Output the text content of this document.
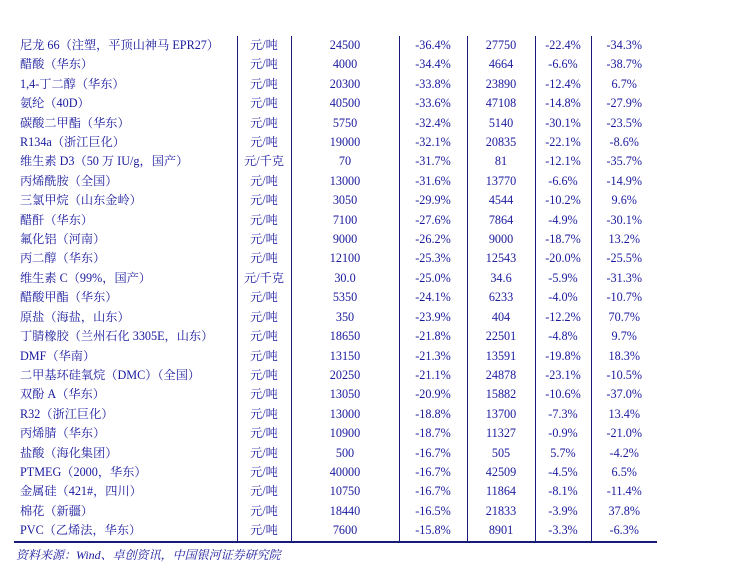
尼龙 66（注塑，平顶山神马 EPR27）	元/吨	24500	-36.4%	27750	-22.4%	-34.3%
醋酸（华东）	元/吨	4000	-34.4%	4664	-6.6%	-38.7%
1,4-丁二醇（华东）	元/吨	20300	-33.8%	23890	-12.4%	6.7%
氨纶（40D）	元/吨	40500	-33.6%	47108	-14.8%	-27.9%
碳酸二甲酯（华东）	元/吨	5750	-32.4%	5140	-30.1%	-23.5%
R134a（浙江巨化）	元/吨	19000	-32.1%	20835	-22.1%	-8.6%
维生素 D3（50 万 IU/g，国产）	元/千克	70	-31.7%	81	-12.1%	-35.7%
丙烯酰胺（全国）	元/吨	13000	-31.6%	13770	-6.6%	-14.9%
三氯甲烷（山东金岭）	元/吨	3050	-29.9%	4544	-10.2%	9.6%
醋酐（华东）	元/吨	7100	-27.6%	7864	-4.9%	-30.1%
氟化铝（河南）	元/吨	9000	-26.2%	9000	-18.7%	13.2%
丙二醇（华东）	元/吨	12100	-25.3%	12543	-20.0%	-25.5%
维生素 C（99%，国产）	元/千克	30.0	-25.0%	34.6	-5.9%	-31.3%
醋酸甲酯（华东）	元/吨	5350	-24.1%	6233	-4.0%	-10.7%
原盐（海盐，山东）	元/吨	350	-23.9%	404	-12.2%	70.7%
丁腈橡胶（兰州石化 3305E，山东）	元/吨	18650	-21.8%	22501	-4.8%	9.7%
DMF（华南）	元/吨	13150	-21.3%	13591	-19.8%	18.3%
二甲基环硅氧烷（DMC）（全国）	元/吨	20250	-21.1%	24878	-23.1%	-10.5%
双酚 A（华东）	元/吨	13050	-20.9%	15882	-10.6%	-37.0%
R32（浙江巨化）	元/吨	13000	-18.8%	13700	-7.3%	13.4%
丙烯腈（华东）	元/吨	10900	-18.7%	11327	-0.9%	-21.0%
盐酸（海化集团）	元/吨	500	-16.7%	505	5.7%	-4.2%
PTMEG（2000，华东）	元/吨	40000	-16.7%	42509	-4.5%	6.5%
金属硅（421#，四川）	元/吨	10750	-16.7%	11864	-8.1%	-11.4%
棉花（新疆）	元/吨	18440	-16.5%	21833	-3.9%	37.8%
PVC（乙烯法，华东）	元/吨	7600	-15.8%	8901	-3.3%	-6.3%
资料来源：Wind、卓创资讯，中国银河证券研究院
